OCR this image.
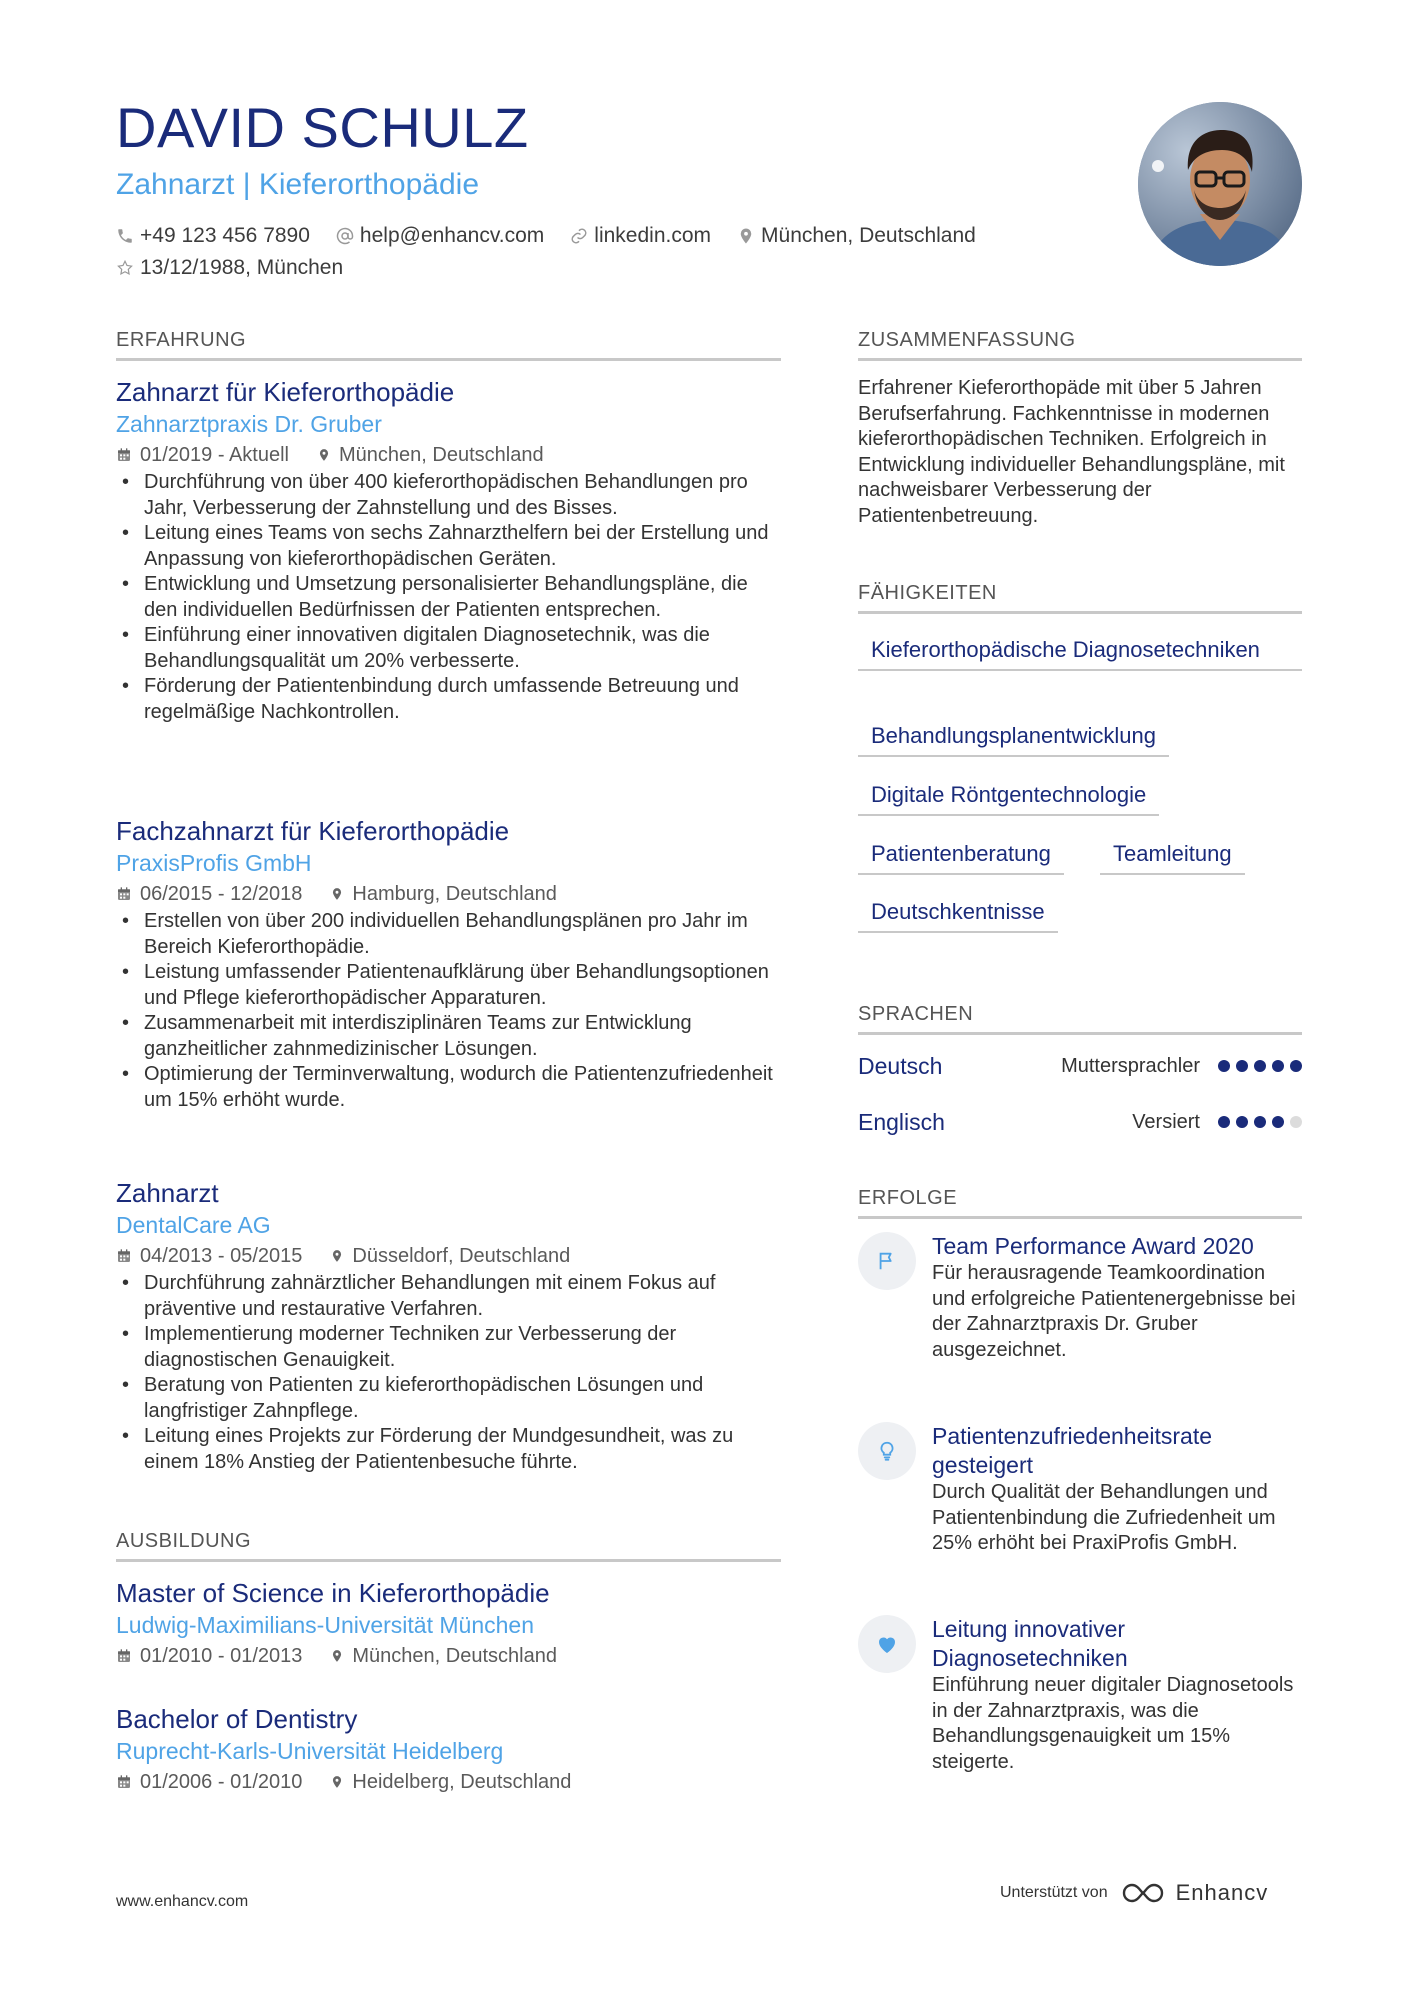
DAVID SCHULZ
Zahnarzt | Kieferorthopädie
+49 123 456 7890 help@enhancv.com linkedin.com München, Deutschland
13/12/1988, München
ERFAHRUNG
Zahnarzt für Kieferorthopädie
Zahnarztpraxis Dr. Gruber
01/2019 - Aktuell	München, Deutschland
• Durchführung von über 400 kieferorthopädischen Behandlungen pro Jahr, Verbesserung der Zahnstellung und des Bisses.
• Leitung eines Teams von sechs Zahnarzthelfern bei der Erstellung und Anpassung von kieferorthopädischen Geräten.
• Entwicklung und Umsetzung personalisierter Behandlungspläne, die den individuellen Bedürfnissen der Patienten entsprechen.
• Einführung einer innovativen digitalen Diagnosetechnik, was die Behandlungsqualität um 20% verbesserte.
• Förderung der Patientenbindung durch umfassende Betreuung und regelmäßige Nachkontrollen.
Fachzahnarzt für Kieferorthopädie
PraxisProfis GmbH
06/2015 - 12/2018	Hamburg, Deutschland
• Erstellen von über 200 individuellen Behandlungsplänen pro Jahr im Bereich Kieferorthopädie.
• Leistung umfassender Patientenaufklärung über Behandlungsoptionen und Pflege kieferorthopädischer Apparaturen.
• Zusammenarbeit mit interdisziplinären Teams zur Entwicklung ganzheitlicher zahnmedizinischer Lösungen.
• Optimierung der Terminverwaltung, wodurch die Patientenzufriedenheit um 15% erhöht wurde.
Zahnarzt
DentalCare AG
04/2013 - 05/2015	Düsseldorf, Deutschland
• Durchführung zahnärztlicher Behandlungen mit einem Fokus auf präventive und restaurative Verfahren.
• Implementierung moderner Techniken zur Verbesserung der diagnostischen Genauigkeit.
• Beratung von Patienten zu kieferorthopädischen Lösungen und langfristiger Zahnpflege.
• Leitung eines Projekts zur Förderung der Mundgesundheit, was zu einem 18% Anstieg der Patientenbesuche führte.
AUSBILDUNG
Master of Science in Kieferorthopädie
Ludwig-Maximilians-Universität München
01/2010 - 01/2013	München, Deutschland
Bachelor of Dentistry
Ruprecht-Karls-Universität Heidelberg
01/2006 - 01/2010	Heidelberg, Deutschland
ZUSAMMENFASSUNG
Erfahrener Kieferorthopäde mit über 5 Jahren Berufserfahrung. Fachkenntnisse in modernen kieferorthopädischen Techniken. Erfolgreich in Entwicklung individueller Behandlungspläne, mit nachweisbarer Verbesserung der Patientenbetreuung.
FÄHIGKEITEN
Kieferorthopädische Diagnosetechniken
Behandlungsplanentwicklung
Digitale Röntgentechnologie
Patientenberatung	Teamleitung
Deutschkentnisse
SPRACHEN
Deutsch	Muttersprachler
Englisch	Versiert
ERFOLGE
Team Performance Award 2020
Für herausragende Teamkoordination und erfolgreiche Patientenergebnisse bei der Zahnarztpraxis Dr. Gruber ausgezeichnet.
Patientenzufriedenheitsrate gesteigert
Durch Qualität der Behandlungen und Patientenbindung die Zufriedenheit um 25% erhöht bei PraxiProfis GmbH.
Leitung innovativer Diagnosetechniken
Einführung neuer digitaler Diagnosetools in der Zahnarztpraxis, was die Behandlungsgenauigkeit um 15% steigerte.
www.enhancv.com
Unterstützt von	Enhancv
